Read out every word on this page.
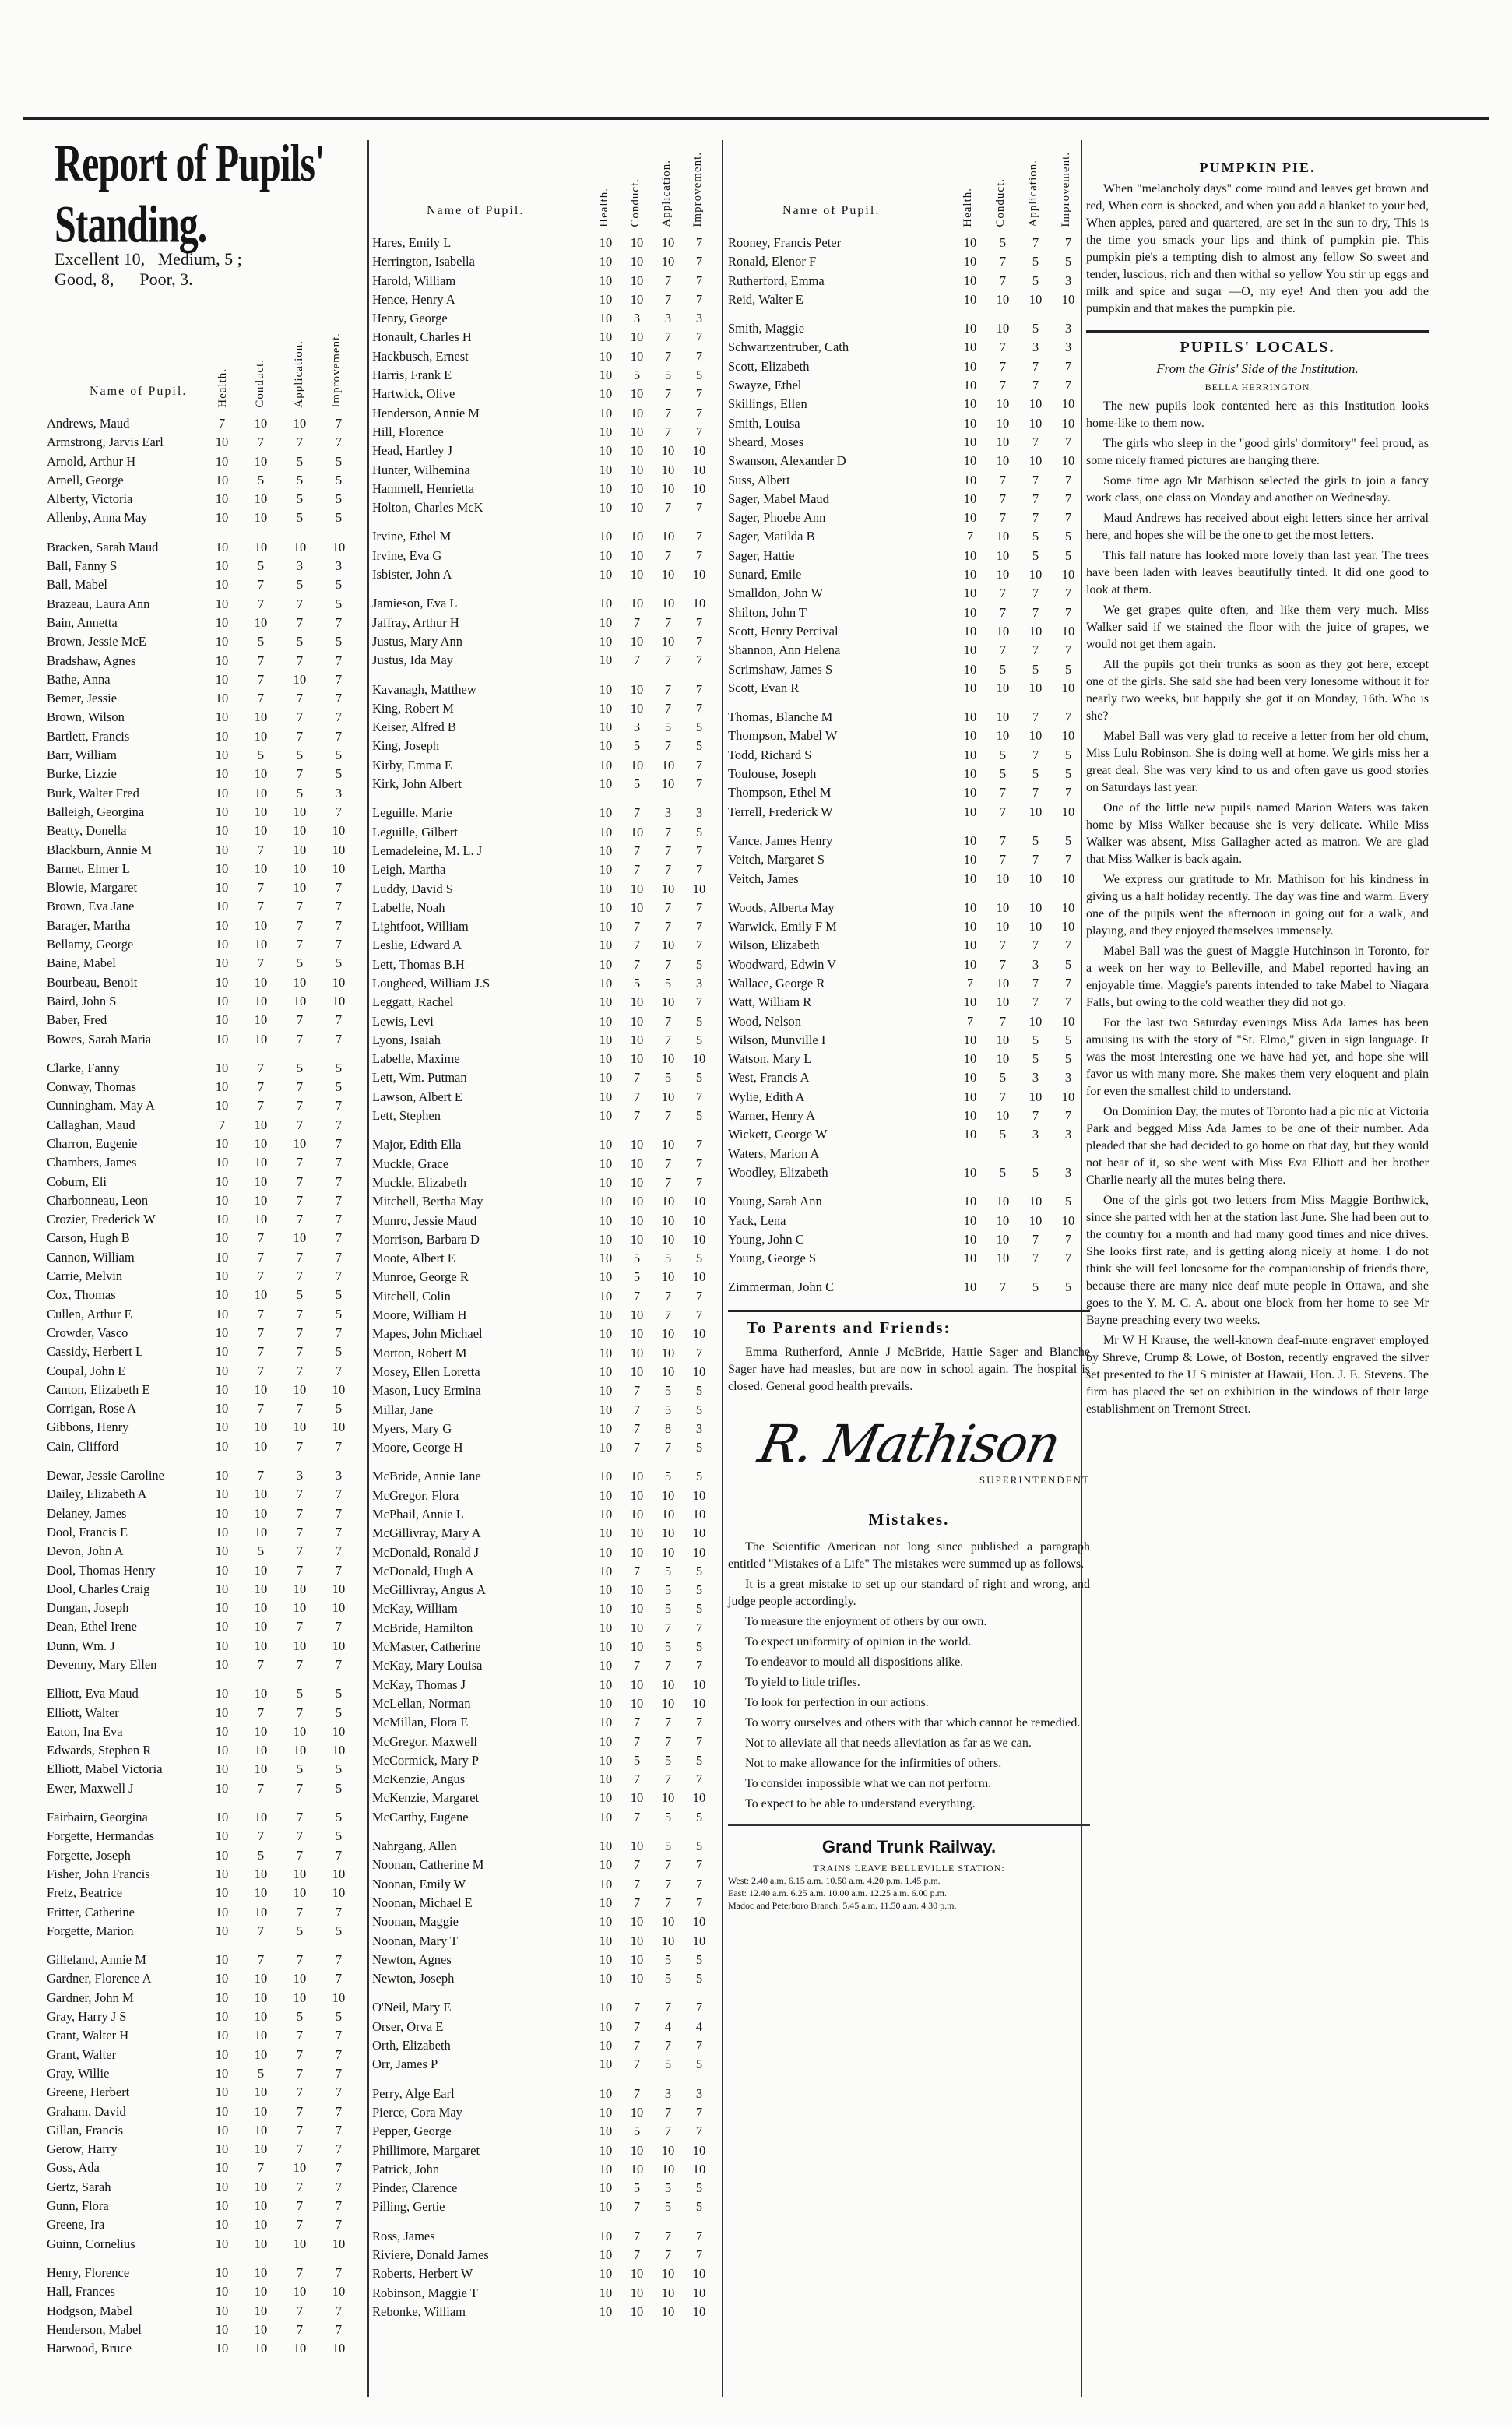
Report of Pupils' Standing.
Excellent 10, Medium, 5 ;
Good, 8, Poor, 3.
Name of Pupil.	Health. Conduct. Application. Improvement.
Andrews, Maud	7	10	10	7
Armstrong, Jarvis Earl	10	7	7	7
Arnold, Arthur H	10	10	5	5
Arnell, George	10	5	5	5
Alberty, Victoria	10	10	5	5
Allenby, Anna May	10	10	5	5

Bracken, Sarah Maud	10	10	10	10
Ball, Fanny S	10	5	3	3
Ball, Mabel	10	7	5	5
Brazeau, Laura Ann	10	7	7	5
Bain, Annetta	10	10	7	7
Brown, Jessie McE	10	5	5	5
Bradshaw, Agnes	10	7	7	7
Bathe, Anna	10	7	10	7
Bemer, Jessie	10	7	7	7
Brown, Wilson	10	10	7	7
Bartlett, Francis	10	10	7	7
Barr, William	10	5	5	5
Burke, Lizzie	10	10	7	5
Burk, Walter Fred	10	10	5	3
Balleigh, Georgina	10	10	10	7
Beatty, Donella	10	10	10	10
Blackburn, Annie M	10	7	10	10
Barnet, Elmer L	10	10	10	10
Blowie, Margaret	10	7	10	7
Brown, Eva Jane	10	7	7	7
Barager, Martha	10	10	7	7
Bellamy, George	10	10	7	7
Baine, Mabel	10	7	5	5
Bourbeau, Benoit	10	10	10	10
Baird, John S	10	10	10	10
Baber, Fred	10	10	7	7
Bowes, Sarah Maria	10	10	7	7

Clarke, Fanny	10	7	5	5
Conway, Thomas	10	7	7	5
Cunningham, May A	10	7	7	7
Callaghan, Maud	7	10	7	7
Charron, Eugenie	10	10	10	7
Chambers, James	10	10	7	7
Coburn, Eli	10	10	7	7
Charbonneau, Leon	10	10	7	7
Crozier, Frederick W	10	10	7	7
Carson, Hugh B	10	7	10	7
Cannon, William	10	7	7	7
Carrie, Melvin	10	7	7	7
Cox, Thomas	10	10	5	5
Cullen, Arthur E	10	7	7	5
Crowder, Vasco	10	7	7	7
Cassidy, Herbert L	10	7	7	5
Coupal, John E	10	7	7	7
Canton, Elizabeth E	10	10	10	10
Corrigan, Rose A	10	7	7	5
Gibbons, Henry	10	10	10	10
Cain, Clifford	10	10	7	7

Dewar, Jessie Caroline	10	7	3	3
Dailey, Elizabeth A	10	10	7	7
Delaney, James	10	10	7	7
Dool, Francis E	10	10	7	7
Devon, John A	10	5	7	7
Dool, Thomas Henry	10	10	7	7
Dool, Charles Craig	10	10	10	10
Dungan, Joseph	10	10	10	10
Dean, Ethel Irene	10	10	7	7
Dunn, Wm. J	10	10	10	10
Devenny, Mary Ellen	10	7	7	7

Elliott, Eva Maud	10	10	5	5
Elliott, Walter	10	7	7	5
Eaton, Ina Eva	10	10	10	10
Edwards, Stephen R	10	10	10	10
Elliott, Mabel Victoria	10	10	5	5
Ewer, Maxwell J	10	7	7	5

Fairbairn, Georgina	10	10	7	5
Forgette, Hermandas	10	7	7	5
Forgette, Joseph	10	5	7	7
Fisher, John Francis	10	10	10	10
Fretz, Beatrice	10	10	10	10
Fritter, Catherine	10	10	7	7
Forgette, Marion	10	7	5	5

Gilleland, Annie M	10	7	7	7
Gardner, Florence A	10	10	10	7
Gardner, John M	10	10	10	10
Gray, Harry J S	10	10	5	5
Grant, Walter H	10	10	7	7
Grant, Walter	10	10	7	7
Gray, Willie	10	5	7	7
Greene, Herbert	10	10	7	7
Graham, David	10	10	7	7
Gillan, Francis	10	10	7	7
Gerow, Harry	10	10	7	7
Goss, Ada	10	7	10	7
Gertz, Sarah	10	10	7	7
Gunn, Flora	10	10	7	7
Greene, Ira	10	10	7	7
Guinn, Cornelius	10	10	10	10

Henry, Florence	10	10	7	7
Hall, Frances	10	10	10	10
Hodgson, Mabel	10	10	7	7
Henderson, Mabel	10	10	7	7
Harwood, Bruce	10	10	10	10
Name of Pupil.	Health. Conduct. Application. Improvement.
Hares, Emily L	10	10	10	7
Herrington, Isabella	10	10	10	7
Harold, William	10	10	7	7
Hence, Henry A	10	10	7	7
Henry, George	10	3	3	3
Honault, Charles H	10	10	7	7
Hackbusch, Ernest	10	10	7	7
Harris, Frank E	10	5	5	5
Hartwick, Olive	10	10	7	7
Henderson, Annie M	10	10	7	7
Hill, Florence	10	10	7	7
Head, Hartley J	10	10	10	10
Hunter, Wilhemina	10	10	10	10
Hammell, Henrietta	10	10	10	10
Holton, Charles McK	10	10	7	7

Irvine, Ethel M	10	10	10	7
Irvine, Eva G	10	10	7	7
Isbister, John A	10	10	10	10

Jamieson, Eva L	10	10	10	10
Jaffray, Arthur H	10	7	7	7
Justus, Mary Ann	10	10	10	7
Justus, Ida May	10	7	7	7

Kavanagh, Matthew	10	10	7	7
King, Robert M	10	10	7	7
Keiser, Alfred B	10	3	5	5
King, Joseph	10	5	7	5
Kirby, Emma E	10	10	10	7
Kirk, John Albert	10	5	10	7

Leguille, Marie	10	7	3	3
Leguille, Gilbert	10	10	7	5
Lemadeleine, M. L. J	10	7	7	7
Leigh, Martha	10	7	7	7
Luddy, David S	10	10	10	10
Labelle, Noah	10	10	7	7
Lightfoot, William	10	7	7	7
Leslie, Edward A	10	7	10	7
Lett, Thomas B.H	10	7	7	5
Lougheed, William J.S	10	5	5	3
Leggatt, Rachel	10	10	10	7
Lewis, Levi	10	10	7	5
Lyons, Isaiah	10	10	7	5
Labelle, Maxime	10	10	10	10
Lett, Wm. Putman	10	7	5	5
Lawson, Albert E	10	7	10	7
Lett, Stephen	10	7	7	5

Major, Edith Ella	10	10	10	7
Muckle, Grace	10	10	7	7
Muckle, Elizabeth	10	10	7	7
Mitchell, Bertha May	10	10	10	10
Munro, Jessie Maud	10	10	10	10
Morrison, Barbara D	10	10	10	10
Moote, Albert E	10	5	5	5
Munroe, George R	10	5	10	10
Mitchell, Colin	10	7	7	7
Moore, William H	10	10	7	7
Mapes, John Michael	10	10	10	10
Morton, Robert M	10	10	10	7
Mosey, Ellen Loretta	10	10	10	10
Mason, Lucy Ermina	10	7	5	5
Millar, Jane	10	7	5	5
Myers, Mary G	10	7	8	3
Moore, George H	10	7	7	5

McBride, Annie Jane	10	10	5	5
McGregor, Flora	10	10	10	10
McPhail, Annie L	10	10	10	10
McGillivray, Mary A	10	10	10	10
McDonald, Ronald J	10	10	10	10
McDonald, Hugh A	10	7	5	5
McGillivray, Angus A	10	10	5	5
McKay, William	10	10	5	5
McBride, Hamilton	10	10	7	7
McMaster, Catherine	10	10	5	5
McKay, Mary Louisa	10	7	7	7
McKay, Thomas J	10	10	10	10
McLellan, Norman	10	10	10	10
McMillan, Flora E	10	7	7	7
McGregor, Maxwell	10	7	7	7
McCormick, Mary P	10	5	5	5
McKenzie, Angus	10	7	7	7
McKenzie, Margaret	10	10	10	10
McCarthy, Eugene	10	7	5	5

Nahrgang, Allen	10	10	5	5
Noonan, Catherine M	10	7	7	7
Noonan, Emily W	10	7	7	7
Noonan, Michael E	10	7	7	7
Noonan, Maggie	10	10	10	10
Noonan, Mary T	10	10	10	10
Newton, Agnes	10	10	5	5
Newton, Joseph	10	10	5	5

O'Neil, Mary E	10	7	7	7
Orser, Orva E	10	7	4	4
Orth, Elizabeth	10	7	7	7
Orr, James P	10	7	5	5

Perry, Alge Earl	10	7	3	3
Pierce, Cora May	10	10	7	7
Pepper, George	10	5	7	7
Phillimore, Margaret	10	10	10	10
Patrick, John	10	10	10	10
Pinder, Clarence	10	5	5	5
Pilling, Gertie	10	7	5	5

Ross, James	10	7	7	7
Riviere, Donald James	10	7	7	7
Roberts, Herbert W	10	10	10	10
Robinson, Maggie T	10	10	10	10
Rebonke, William	10	10	10	10
Name of Pupil.	Health. Conduct. Application. Improvement.
Rooney, Francis Peter	10	5	7	7
Ronald, Elenor F	10	7	5	5
Rutherford, Emma	10	7	5	3
Reid, Walter E	10	10	10	10

Smith, Maggie	10	10	5	3
Schwartzentruber, Cath	10	7	3	3
Scott, Elizabeth	10	7	7	7
Swayze, Ethel	10	7	7	7
Skillings, Ellen	10	10	10	10
Smith, Louisa	10	10	10	10
Sheard, Moses	10	10	7	7
Swanson, Alexander D	10	10	10	10
Suss, Albert	10	7	7	7
Sager, Mabel Maud	10	7	7	7
Sager, Phoebe Ann	10	7	7	7
Sager, Matilda B	7	10	5	5
Sager, Hattie	10	10	5	5
Sunard, Emile	10	10	10	10
Smalldon, John W	10	7	7	7
Shilton, John T	10	7	7	7
Scott, Henry Percival	10	10	10	10
Shannon, Ann Helena	10	7	7	7
Scrimshaw, James S	10	5	5	5
Scott, Evan R	10	10	10	10

Thomas, Blanche M	10	10	7	7
Thompson, Mabel W	10	10	10	10
Todd, Richard S	10	5	7	5
Toulouse, Joseph	10	5	5	5
Thompson, Ethel M	10	7	7	7
Terrell, Frederick W	10	7	10	10

Vance, James Henry	10	7	5	5
Veitch, Margaret S	10	7	7	7
Veitch, James	10	10	10	10

Woods, Alberta May	10	10	10	10
Warwick, Emily F M	10	10	10	10
Wilson, Elizabeth	10	7	7	7
Woodward, Edwin V	10	7	3	5
Wallace, George R	7	10	7	7
Watt, William R	10	10	7	7
Wood, Nelson	7	7	10	10
Wilson, Munville I	10	10	5	5
Watson, Mary L	10	10	5	5
West, Francis A	10	5	3	3
Wylie, Edith A	10	7	10	10
Warner, Henry A	10	10	7	7
Wickett, George W	10	5	3	3
Waters, Marion A				
Woodley, Elizabeth	10	5	5	3

Young, Sarah Ann	10	10	10	5
Yack, Lena	10	10	10	10
Young, John C	10	10	7	7
Young, George S	10	10	7	7

Zimmerman, John C	10	7	5	5
To Parents and Friends:

Emma Rutherford, Annie J McBride, Hattie Sager and Blanche Sager have had measles, but are now in school again. The hospital is closed. General good health prevails.

R. Mathison
SUPERINTENDENT
Mistakes.

The Scientific American not long since published a paragraph entitled "Mistakes of a Life" The mistakes were summed up as follows.

It is a great mistake to set up our standard of right and wrong, and judge people accordingly.

To measure the enjoyment of others by our own.

To expect uniformity of opinion in the world.

To endeavor to mould all dispositions alike.

To yield to little trifles.

To look for perfection in our actions.

To worry ourselves and others with that which cannot be remedied.

Not to alleviate all that needs alleviation as far as we can.

Not to make allowance for the infirmities of others.

To consider impossible what we can not perform.

To expect to be able to understand everything.

Grand Trunk Railway.
TRAINS LEAVE BELLEVILLE STATION:
West: 2.40 a.m. 6.15 a.m. 10.50 a.m. 4.20 p.m. 1.45 p.m.
East: 12.40 a.m. 6.25 a.m. 10.00 a.m. 12.25 a.m. 6.00 p.m.
Madoc and Peterboro Branch: 5.45 a.m. 11.50 a.m. 4.30 p.m.
PUMPKIN PIE.

When "melancholy days" come round and leaves get brown and red, When corn is shocked, and when you add a blanket to your bed, When apples, pared and quartered, are set in the sun to dry, This is the time you smack your lips and think of pumpkin pie. This pumpkin pie's a tempting dish to almost any fellow So sweet and tender, luscious, rich and then withal so yellow You stir up eggs and milk and spice and sugar —O, my eye! And then you add the pumpkin and that makes the pumpkin pie.

PUPILS' LOCALS.
From the Girls' Side of the Institution.
BELLA HERRINGTON

The new pupils look contented here as this Institution looks home-like to them now.

The girls who sleep in the "good girls' dormitory" feel proud, as some nicely framed pictures are hanging there.

Some time ago Mr Mathison selected the girls to join a fancy work class, one class on Monday and another on Wednesday.

Maud Andrews has received about eight letters since her arrival here, and hopes she will be the one to get the most letters.

This fall nature has looked more lovely than last year. The trees have been laden with leaves beautifully tinted. It did one good to look at them.

We get grapes quite often, and like them very much. Miss Walker said if we stained the floor with the juice of grapes, we would not get them again.

All the pupils got their trunks as soon as they got here, except one of the girls. She said she had been very lonesome without it for nearly two weeks, but happily she got it on Monday, 16th. Who is she?

Mabel Ball was very glad to receive a letter from her old chum, Miss Lulu Robinson. She is doing well at home. We girls miss her a great deal. She was very kind to us and often gave us good stories on Saturdays last year.

One of the little new pupils named Marion Waters was taken home by Miss Walker because she is very delicate. While Miss Walker was absent, Miss Gallagher acted as matron. We are glad that Miss Walker is back again.

We express our gratitude to Mr. Mathison for his kindness in giving us a half holiday recently. The day was fine and warm. Every one of the pupils went the afternoon in going out for a walk, and playing, and they enjoyed themselves immensely.

Mabel Ball was the guest of Maggie Hutchinson in Toronto, for a week on her way to Belleville, and Mabel reported having an enjoyable time. Maggie's parents intended to take Mabel to Niagara Falls, but owing to the cold weather they did not go.

For the last two Saturday evenings Miss Ada James has been amusing us with the story of "St. Elmo," given in sign language. It was the most interesting one we have had yet, and hope she will favor us with many more. She makes them very eloquent and plain for even the smallest child to understand.

On Dominion Day, the mutes of Toronto had a pic nic at Victoria Park and begged Miss Ada James to be one of their number. Ada pleaded that she had decided to go home on that day, but they would not hear of it, so she went with Miss Eva Elliott and her brother Charlie nearly all the mutes being there.

One of the girls got two letters from Miss Maggie Borthwick, since she parted with her at the station last June. She had been out to the country for a month and had many good times and nice drives. She looks first rate, and is getting along nicely at home. I do not think she will feel lonesome for the companionship of friends there, because there are many nice deaf mute people in Ottawa, and she goes to the Y. M. C. A. about one block from her home to see Mr Bayne preaching every two weeks.

Mr W H Krause, the well-known deaf-mute engraver employed by Shreve, Crump & Lowe, of Boston, recently engraved the silver set presented to the U S minister at Hawaii, Hon. J. E. Stevens. The firm has placed the set on exhibition in the windows of their large establishment on Tremont Street.
